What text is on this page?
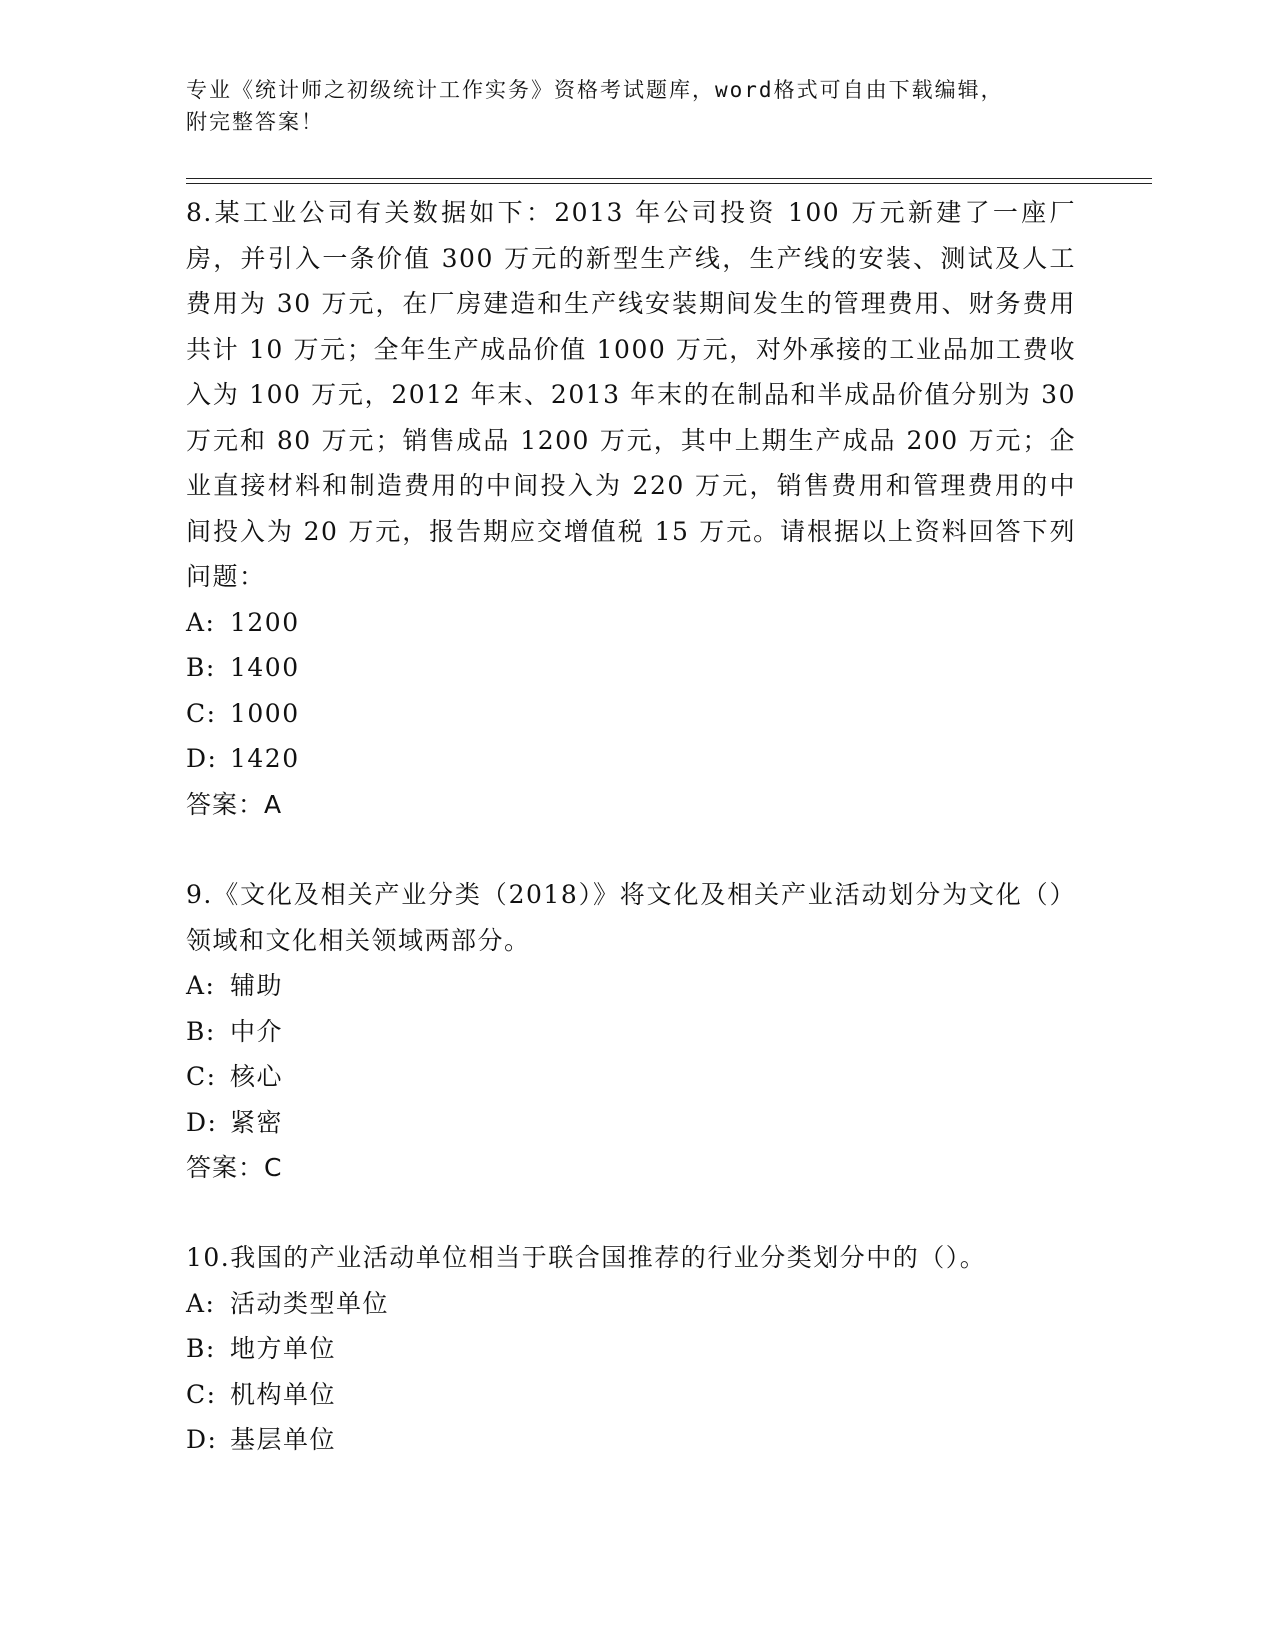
专业《统计师之初级统计工作实务》资格考试题库，word格式可自由下载编辑，
附完整答案！

8.某工业公司有关数据如下：2013 年公司投资 100 万元新建了一座厂房，并引入一条价值 300 万元的新型生产线，生产线的安装、测试及人工费用为 30 万元，在厂房建造和生产线安装期间发生的管理费用、财务费用共计 10 万元；全年生产成品价值 1000 万元，对外承接的工业品加工费收入为 100 万元，2012 年末、2013 年末的在制品和半成品价值分别为 30 万元和 80 万元；销售成品 1200 万元，其中上期生产成品 200 万元；企业直接材料和制造费用的中间投入为 220 万元，销售费用和管理费用的中间投入为 20 万元，报告期应交增值税 15 万元。请根据以上资料回答下列问题：

A: 1200

B: 1400

C: 1000

D: 1420

答案：A

9.《文化及相关产业分类（2018）》将文化及相关产业活动划分为文化（）领域和文化相关领域两部分。

A: 辅助

B: 中介

C: 核心

D: 紧密

答案：C

10.我国的产业活动单位相当于联合国推荐的行业分类划分中的（）。

A: 活动类型单位

B: 地方单位

C: 机构单位

D: 基层单位
